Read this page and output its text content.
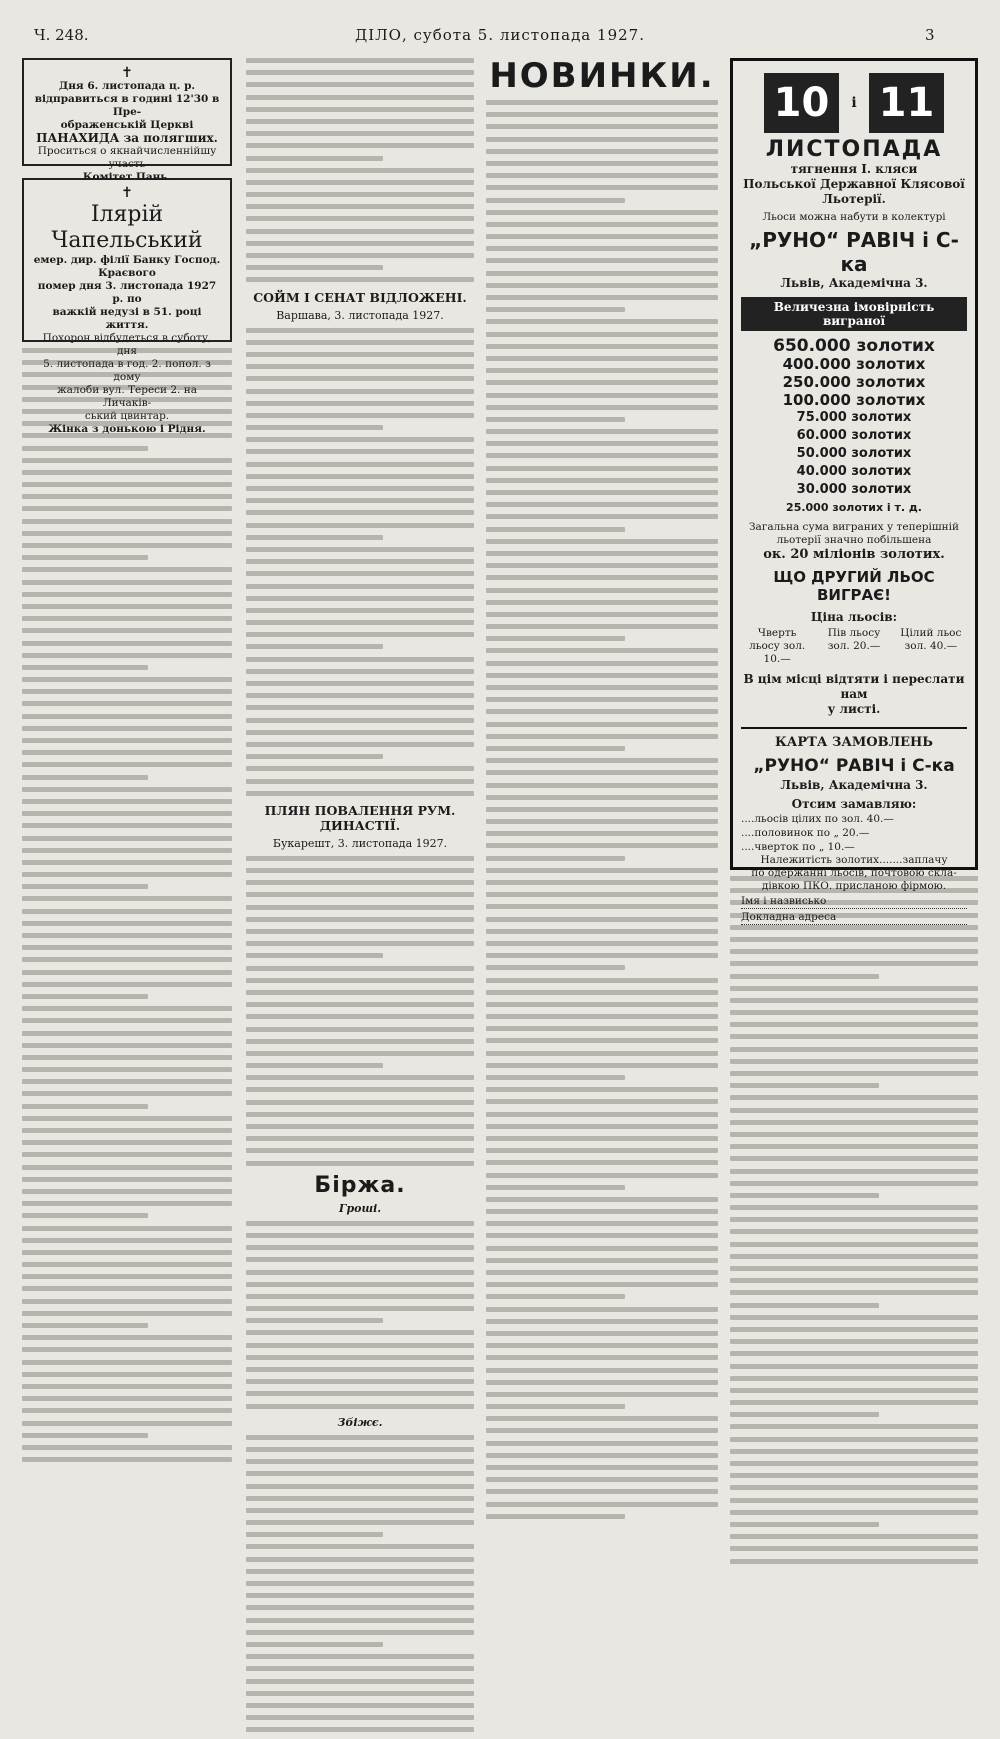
Ч. 248.	ДІЛО, субота 5. листопада 1927.	3
✝
Дня 6. листопада ц. р.
відправиться в годині 12'30 в Пре-
ображенській Церкві
ПАНАХИДА за полягших.
Проситься о якнайчисленнійшу участь
Комітет Пань.
✝
Ілярій Чапельський
емер. дир. філії Банку Господ.
Краєвого
помер дня 3. листопада 1927 р. по
важкій недузі в 51. році життя.
Похорон відбудеться в суботу, дня
5. листопада в год. 2. попол. з дому
жалоби вул. Тереси 2. на Личаків-
ський цвинтар.
Жінка з донькою і Рідня.
СОЙМ І СЕНАТ ВІДЛОЖЕНІ.
Варшава, 3. листопада 1927.
ПЛЯН ПОВАЛЕННЯ РУМ. ДИНАСТІЇ.
Букарешт, 3. листопада 1927.
Біржа.
Гроші.
Збіжє.
НОВИНКИ.
10	і 11
ЛИСТОПАДА
тягнення І. кляси
Польської Державної Клясової
Льотерії.
Льоси можна набути в колектурі
„РУНО“ РАВІЧ і С-ка
Львів, Академічна 3.
Величезна імовірність виграної
650.000 золотих
400.000 золотих
250.000 золотих
100.000 золотих
75.000 золотих
60.000 золотих
50.000 золотих
40.000 золотих
30.000 золотих
25.000 золотих і т. д.
Загальна сума виграних у теперішній
льотерії значно побільшена
ок. 20 міліонів золотих.
ЩО ДРУГИЙ ЛЬОС ВИГРАЄ!
Ціна льосів:
Чверть льосу зол. 10.—
Пів льосу зол. 20.—
Цілий льос зол. 40.—
В цім місці відтяти і переслати нам
у листі.
КАРТА ЗАМОВЛЕНЬ
„РУНО“ РАВІЧ і С-ка
Львів, Академічна 3.
Отсим замавляю:
....льосів цілих по зол. 40.—
....половинок по „ 20.—
....чверток по „ 10.—
Належитість золотих.......заплачу
по одержанні льосів, почтовою скла-
дівкою ПКО. присланою фірмою.
Імя і назвисько
Докладна адреса
